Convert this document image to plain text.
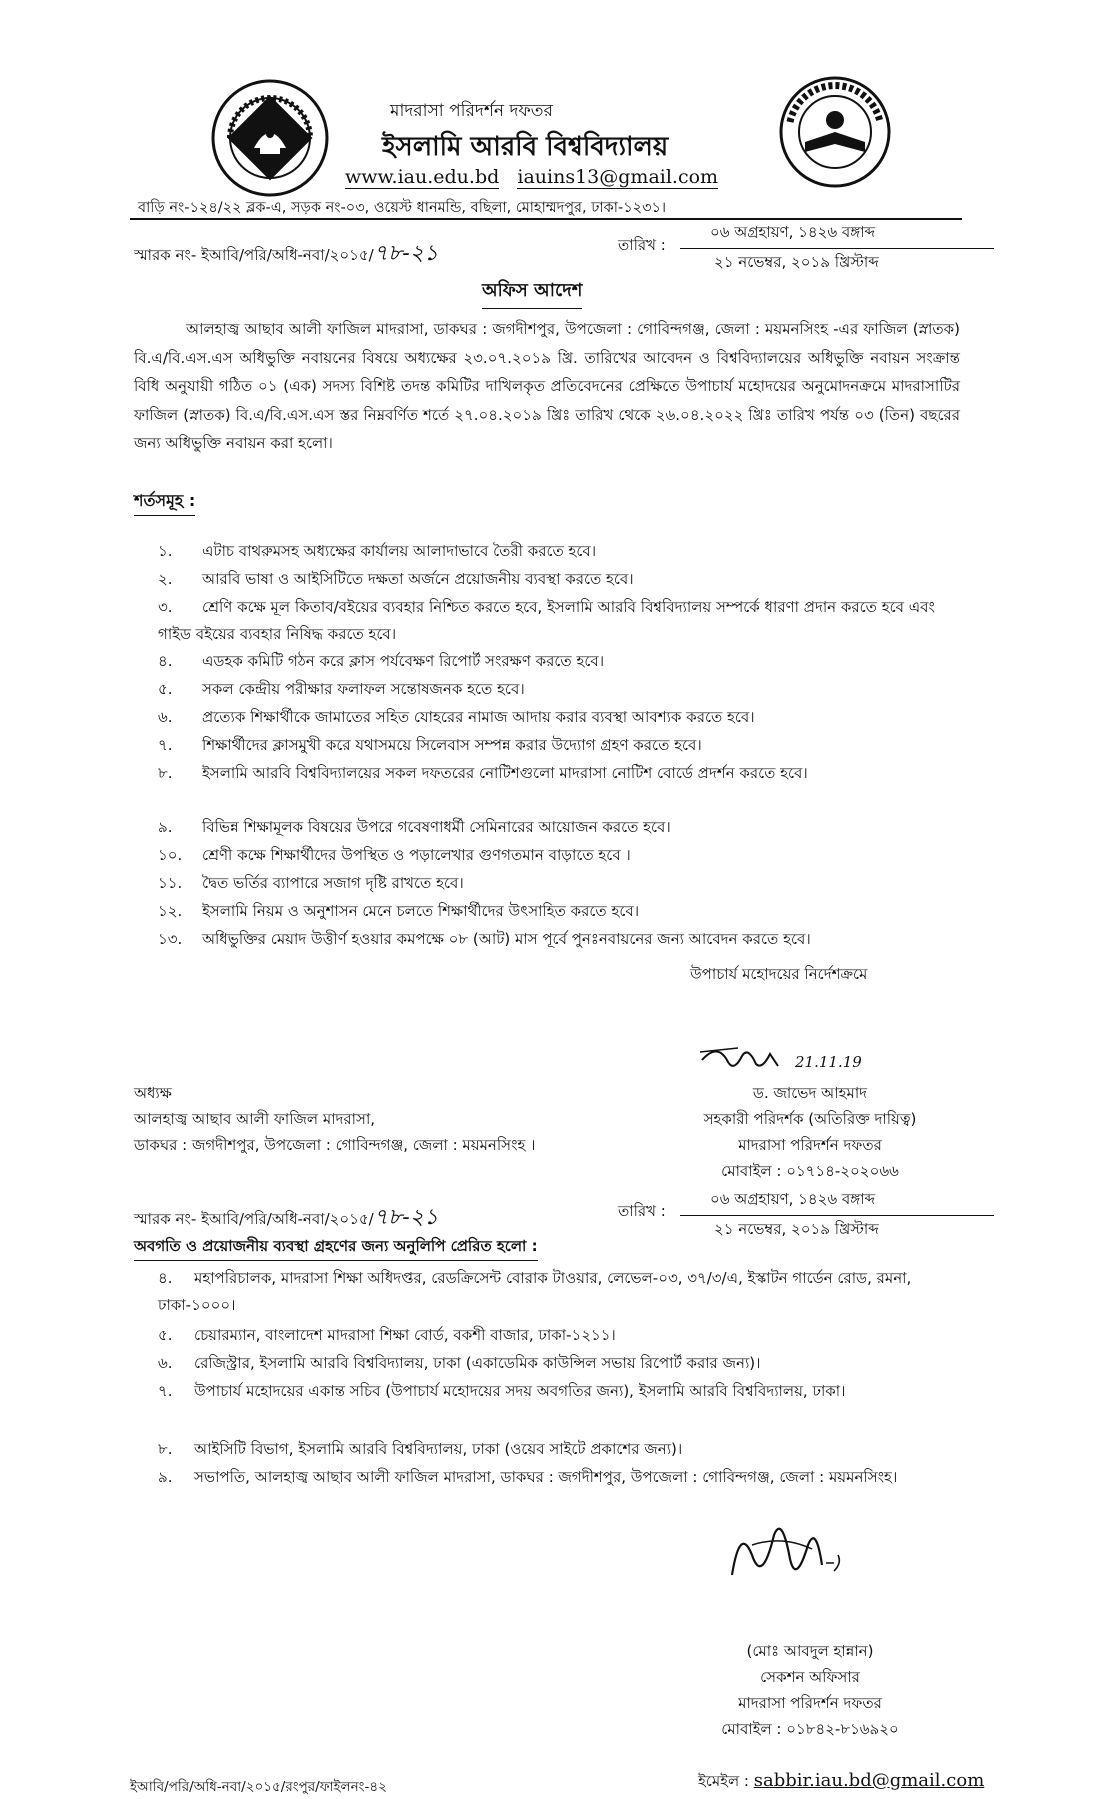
মাদরাসা পরিদর্শন দফতর
ইসলামি আরবি বিশ্ববিদ্যালয়
www.iau.edu.bd iauins13@gmail.com
বাড়ি নং-১২৪/২২ ব্লক-এ, সড়ক নং-০৩, ওয়েস্ট ধানমন্ডি, বছিলা, মোহাম্মদপুর, ঢাকা-১২৩১।
স্মারক নং- ইআবি/পরি/অধি-নবা/২০১৫/৭৮-২১	তারিখ :
০৬ অগ্রহায়ণ, ১৪২৬ বঙ্গাব্দ
২১ নভেম্বর, ২০১৯ খ্রিস্টাব্দ
অফিস আদেশ
আলহাজ্ব আছাব আলী ফাজিল মাদরাসা, ডাকঘর : জগদীশপুর, উপজেলা : গোবিন্দগঞ্জ, জেলা : ময়মনসিংহ -এর ফাজিল (স্নাতক) বি.এ/বি.এস.এস অধিভুক্তি নবায়নের বিষয়ে অধ্যক্ষের ২৩.০৭.২০১৯ খ্রি. তারিখের আবেদন ও বিশ্ববিদ্যালয়ের অধিভুক্তি নবায়ন সংক্রান্ত বিধি অনুযায়ী গঠিত ০১ (এক) সদস্য বিশিষ্ট তদন্ত কমিটির দাখিলকৃত প্রতিবেদনের প্রেক্ষিতে উপাচার্য মহোদয়ের অনুমোদনক্রমে মাদরাসাটির ফাজিল (স্নাতক) বি.এ/বি.এস.এস স্তর নিম্নবর্ণিত শর্তে ২৭.০৪.২০১৯ খ্রিঃ তারিখ থেকে ২৬.০৪.২০২২ খ্রিঃ তারিখ পর্যন্ত ০৩ (তিন) বছরের জন্য অধিভুক্তি নবায়ন করা হলো।
শর্তসমূহ :
১. এটাচ বাথরুমসহ অধ্যক্ষের কার্যালয় আলাদাভাবে তৈরী করতে হবে।
২. আরবি ভাষা ও আইসিটিতে দক্ষতা অর্জনে প্রয়োজনীয় ব্যবস্থা করতে হবে।
৩. শ্রেণি কক্ষে মূল কিতাব/বইয়ের ব্যবহার নিশ্চিত করতে হবে, ইসলামি আরবি বিশ্ববিদ্যালয় সম্পর্কে ধারণা প্রদান করতে হবে এবং গাইড বইয়ের ব্যবহার নিষিদ্ধ করতে হবে।
৪. এডহক কমিটি গঠন করে ক্লাস পর্যবেক্ষণ রিপোর্ট সংরক্ষণ করতে হবে।
৫. সকল কেন্দ্রীয় পরীক্ষার ফলাফল সন্তোষজনক হতে হবে।
৬. প্রত্যেক শিক্ষার্থীকে জামাতের সহিত যোহরের নামাজ আদায় করার ব্যবস্থা আবশ্যক করতে হবে।
৭. শিক্ষার্থীদের ক্লাসমুখী করে যথাসময়ে সিলেবাস সম্পন্ন করার উদ্যোগ গ্রহণ করতে হবে।
৮. ইসলামি আরবি বিশ্ববিদ্যালয়ের সকল দফতরের নোটিশগুলো মাদরাসা নোটিশ বোর্ডে প্রদর্শন করতে হবে।
৯. বিভিন্ন শিক্ষামূলক বিষয়ের উপরে গবেষণাধর্মী সেমিনারের আয়োজন করতে হবে।
১০. শ্রেণী কক্ষে শিক্ষার্থীদের উপস্থিত ও পড়ালেখার গুণগতমান বাড়াতে হবে ।
১১. দ্বৈত ভর্তির ব্যাপারে সজাগ দৃষ্টি রাখতে হবে।
১২. ইসলামি নিয়ম ও অনুশাসন মেনে চলতে শিক্ষার্থীদের উৎসাহিত করতে হবে।
১৩. অধিভুক্তির মেয়াদ উত্তীর্ণ হওয়ার কমপক্ষে ০৮ (আট) মাস পূর্বে পুনঃনবায়নের জন্য আবেদন করতে হবে।
উপাচার্য মহোদয়ের নির্দেশক্রমে
21.11.19
ড. জাভেদ আহমাদ
সহকারী পরিদর্শক (অতিরিক্ত দায়িত্ব)
মাদরাসা পরিদর্শন দফতর
মোবাইল : ০১৭১৪-২০২০৬৬
অধ্যক্ষ
আলহাজ্ব আছাব আলী ফাজিল মাদরাসা,
ডাকঘর : জগদীশপুর, উপজেলা : গোবিন্দগঞ্জ, জেলা : ময়মনসিংহ ।
স্মারক নং- ইআবি/পরি/অধি-নবা/২০১৫/৭৮-২১	তারিখ :
০৬ অগ্রহায়ণ, ১৪২৬ বঙ্গাব্দ
২১ নভেম্বর, ২০১৯ খ্রিস্টাব্দ
অবগতি ও প্রয়োজনীয় ব্যবস্থা গ্রহণের জন্য অনুলিপি প্রেরিত হলো :
৪. মহাপরিচালক, মাদরাসা শিক্ষা অধিদপ্তর, রেডক্রিসেন্ট বোরাক টাওয়ার, লেভেল-০৩, ৩৭/৩/এ, ইস্কাটন গার্ডেন রোড, রমনা, ঢাকা-১০০০।
৫. চেয়ারম্যান, বাংলাদেশ মাদরাসা শিক্ষা বোর্ড, বকশী বাজার, ঢাকা-১২১১।
৬. রেজিস্ট্রার, ইসলামি আরবি বিশ্ববিদ্যালয়, ঢাকা (একাডেমিক কাউন্সিল সভায় রিপোর্ট করার জন্য)।
৭. উপাচার্য মহোদয়ের একান্ত সচিব (উপাচার্য মহোদয়ের সদয় অবগতির জন্য), ইসলামি আরবি বিশ্ববিদ্যালয়, ঢাকা।
৮. আইসিটি বিভাগ, ইসলামি আরবি বিশ্ববিদ্যালয়, ঢাকা (ওয়েব সাইটে প্রকাশের জন্য)।
৯. সভাপতি, আলহাজ্ব আছাব আলী ফাজিল মাদরাসা, ডাকঘর : জগদীশপুর, উপজেলা : গোবিন্দগঞ্জ, জেলা : ময়মনসিংহ।
(মোঃ আবদুল হান্নান)
সেকশন অফিসার
মাদরাসা পরিদর্শন দফতর
মোবাইল : ০১৮৪২-৮১৬৯২০
ইমেইল : sabbir.iau.bd@gmail.com
ইআবি/পরি/অধি-নবা/২০১৫/রংপুর/ফাইলনং-৪২
